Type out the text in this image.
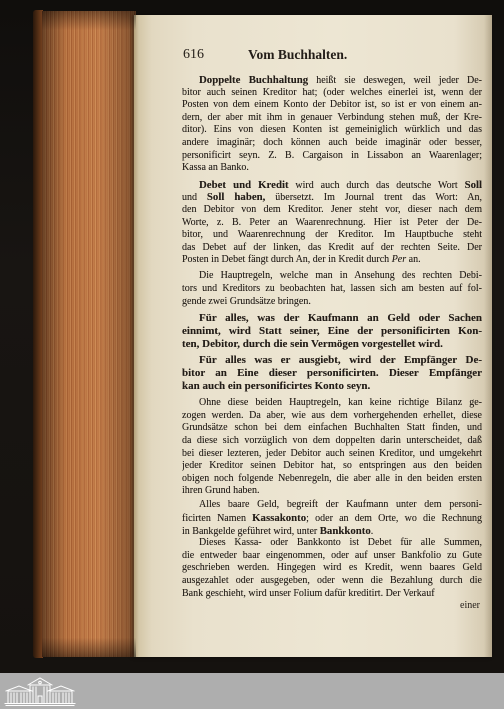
616	Vom Buchhalten.
Doppelte Buchhaltung heißt sie deswegen, weil jeder De-
bitor auch seinen Kreditor hat; (oder welches einerlei ist, wenn der
Posten von dem einem Konto der Debitor ist, so ist er von einem an-
dern, der aber mit ihm in genauer Verbindung stehen muß, der Kre-
ditor). Eins von diesen Konten ist gemeiniglich würklich und das
andere imaginär; doch können auch beide imaginär oder besser,
personificirt seyn. Z. B. Cargaison in Lissabon an Waarenlager;
Kassa an Banko.
Debet und Kredit wird auch durch das deutsche Wort Soll
und Soll haben, übersetzt. Im Journal trent das Wort: An,
den Debitor von dem Kreditor. Jener steht vor, dieser nach dem
Worte, z. B. Peter an Waarenrechnung. Hier ist Peter der De-
bitor, und Waarenrechnung der Kreditor. Im Hauptbuche steht
das Debet auf der linken, das Kredit auf der rechten Seite. Der
Posten in Debet fängt durch An, der in Kredit durch Per an.
Die Hauptregeln, welche man in Ansehung des rechten Debi-
tors und Kreditors zu beobachten hat, lassen sich am besten auf fol-
gende zwei Grundsätze bringen.
Für alles, was der Kaufmann an Geld oder Sachen
einnimt, wird Statt seiner, Eine der personificirten Kon-
ten, Debitor, durch die sein Vermögen vorgestellet wird.
Für alles was er ausgiebt, wird der Empfänger De-
bitor an Eine dieser personificirten. Dieser Empfänger
kan auch ein personificirtes Konto seyn.
Ohne diese beiden Hauptregeln, kan keine richtige Bilanz ge-
zogen werden. Da aber, wie aus dem vorhergehenden erhellet, diese
Grundsätze schon bei dem einfachen Buchhalten Statt finden, und
da diese sich vorzüglich von dem doppelten darin unterscheidet, daß
bei dieser lezteren, jeder Debitor auch seinen Kreditor, und umgekehrt
jeder Kreditor seinen Debitor hat, so entspringen aus den beiden
obigen noch folgende Nebenregeln, die aber alle in den beiden ersten
ihren Grund haben.
Alles baare Geld, begreift der Kaufmann unter dem personi-
ficirten Namen Kassakonto; oder an dem Orte, wo die Rechnung
in Bankgelde geführet wird, unter Bankkonto.
Dieses Kassa- oder Bankkonto ist Debet für alle Summen,
die entweder baar eingenommen, oder auf unser Bankfolio zu Gute
geschrieben werden. Hingegen wird es Kredit, wenn baares Geld
ausgezahlet oder ausgegeben, oder wenn die Bezahlung durch die
Bank geschieht, wird unser Folium dafür kreditirt. Der Verkauf
einer
